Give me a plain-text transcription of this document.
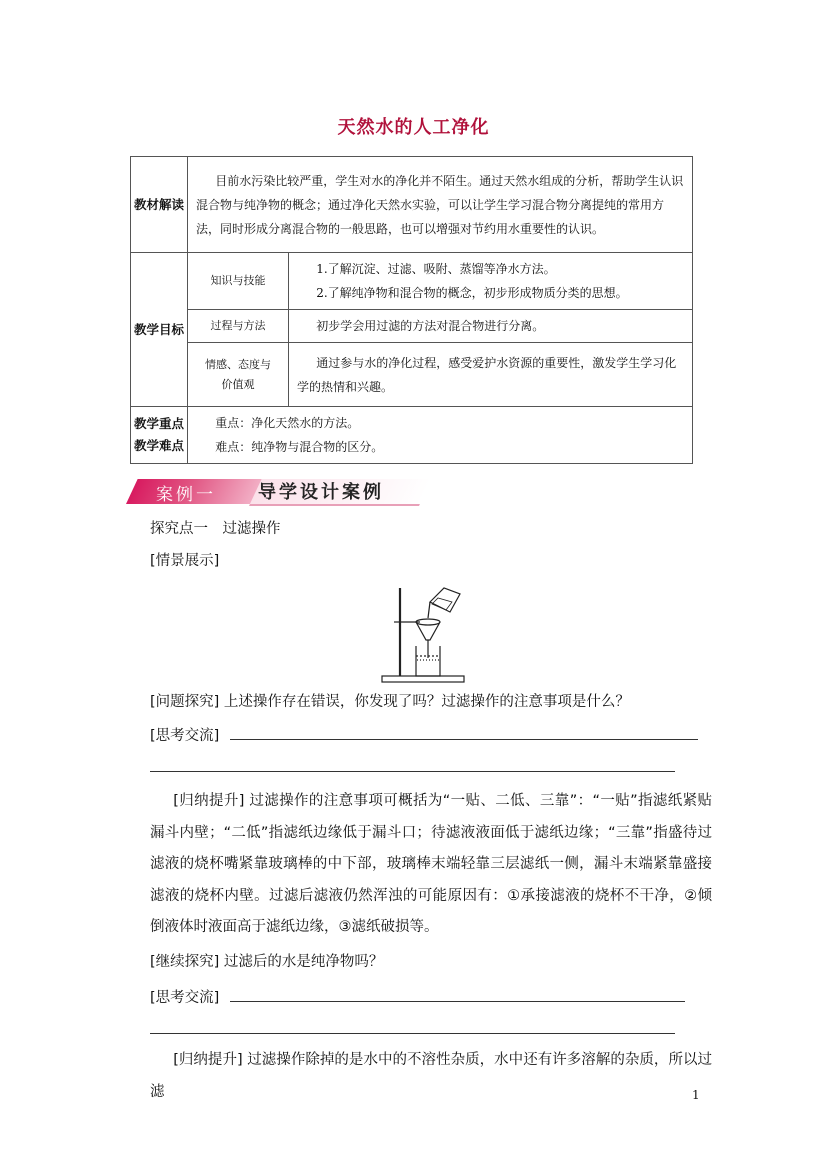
天然水的人工净化
教材解读	目前水污染比较严重，学生对水的净化并不陌生。通过天然水组成的分析，帮助学生认识混合物与纯净物的概念；通过净化天然水实验，可以让学生学习混合物分离提纯的常用方法，同时形成分离混合物的一般思路，也可以增强对节约用水重要性的认识。	
教学目标	知识与技能	1.了解沉淀、过滤、吸附、蒸馏等净水方法。

2.了解纯净物和混合物的概念，初步形成物质分类的思想。

	过程与方法	初步学会用过滤的方法对混合物进行分离。
	情感、态度与价值观	通过参与水的净化过程，感受爱护水资源的重要性，激发学生学习化学的热情和兴趣。
教学重点教学难点	重点：净化天然水的方法。

难点：纯净物与混合物的区分。	

案例一 导学设计案例
探究点一　过滤操作
[情景展示]
[问题探究] 上述操作存在错误，你发现了吗？过滤操作的注意事项是什么？
[思考交流]

[归纳提升] 过滤操作的注意事项可概括为“一贴、二低、三靠”：“一贴”指滤纸紧贴漏斗内壁；“二低”指滤纸边缘低于漏斗口；待滤液液面低于滤纸边缘；“三靠”指盛待过滤液的烧杯嘴紧靠玻璃棒的中下部，玻璃棒末端轻靠三层滤纸一侧，漏斗末端紧靠盛接滤液的烧杯内壁。过滤后滤液仍然浑浊的可能原因有：①承接滤液的烧杯不干净，②倾倒液体时液面高于滤纸边缘，③滤纸破损等。

[继续探究] 过滤后的水是纯净物吗？
[思考交流]

[归纳提升] 过滤操作除掉的是水中的不溶性杂质，水中还有许多溶解的杂质，所以过滤	1
